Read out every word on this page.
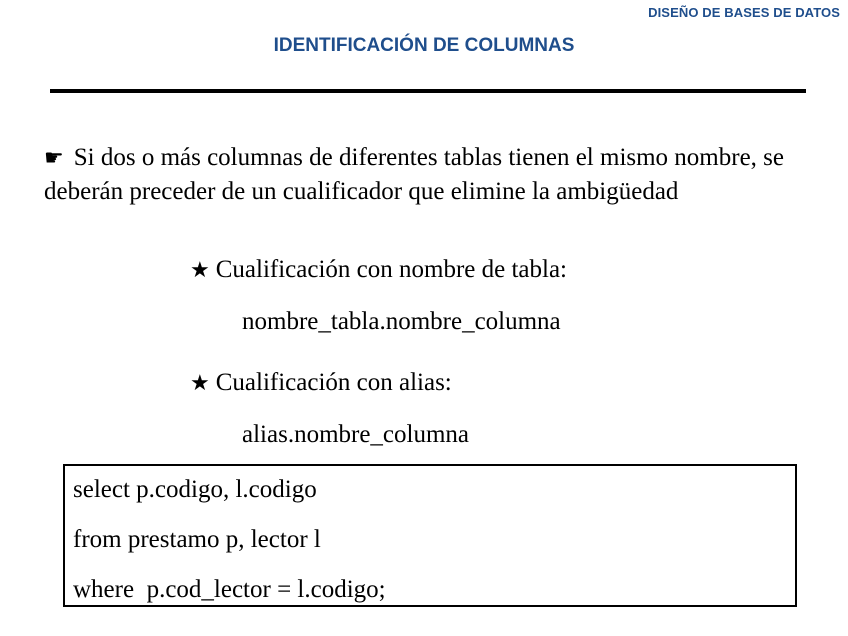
DISEÑO DE BASES DE DATOS
IDENTIFICACIÓN DE COLUMNAS
☛ Si dos o más columnas de diferentes tablas tienen el mismo nombre, se deberán preceder de un cualificador que elimine la ambigüedad
★ Cualificación con nombre de tabla:
nombre_tabla.nombre_columna
★ Cualificación con alias:
alias.nombre_columna
select p.codigo, l.codigo
from prestamo p, lector l
where  p.cod_lector = l.codigo;
